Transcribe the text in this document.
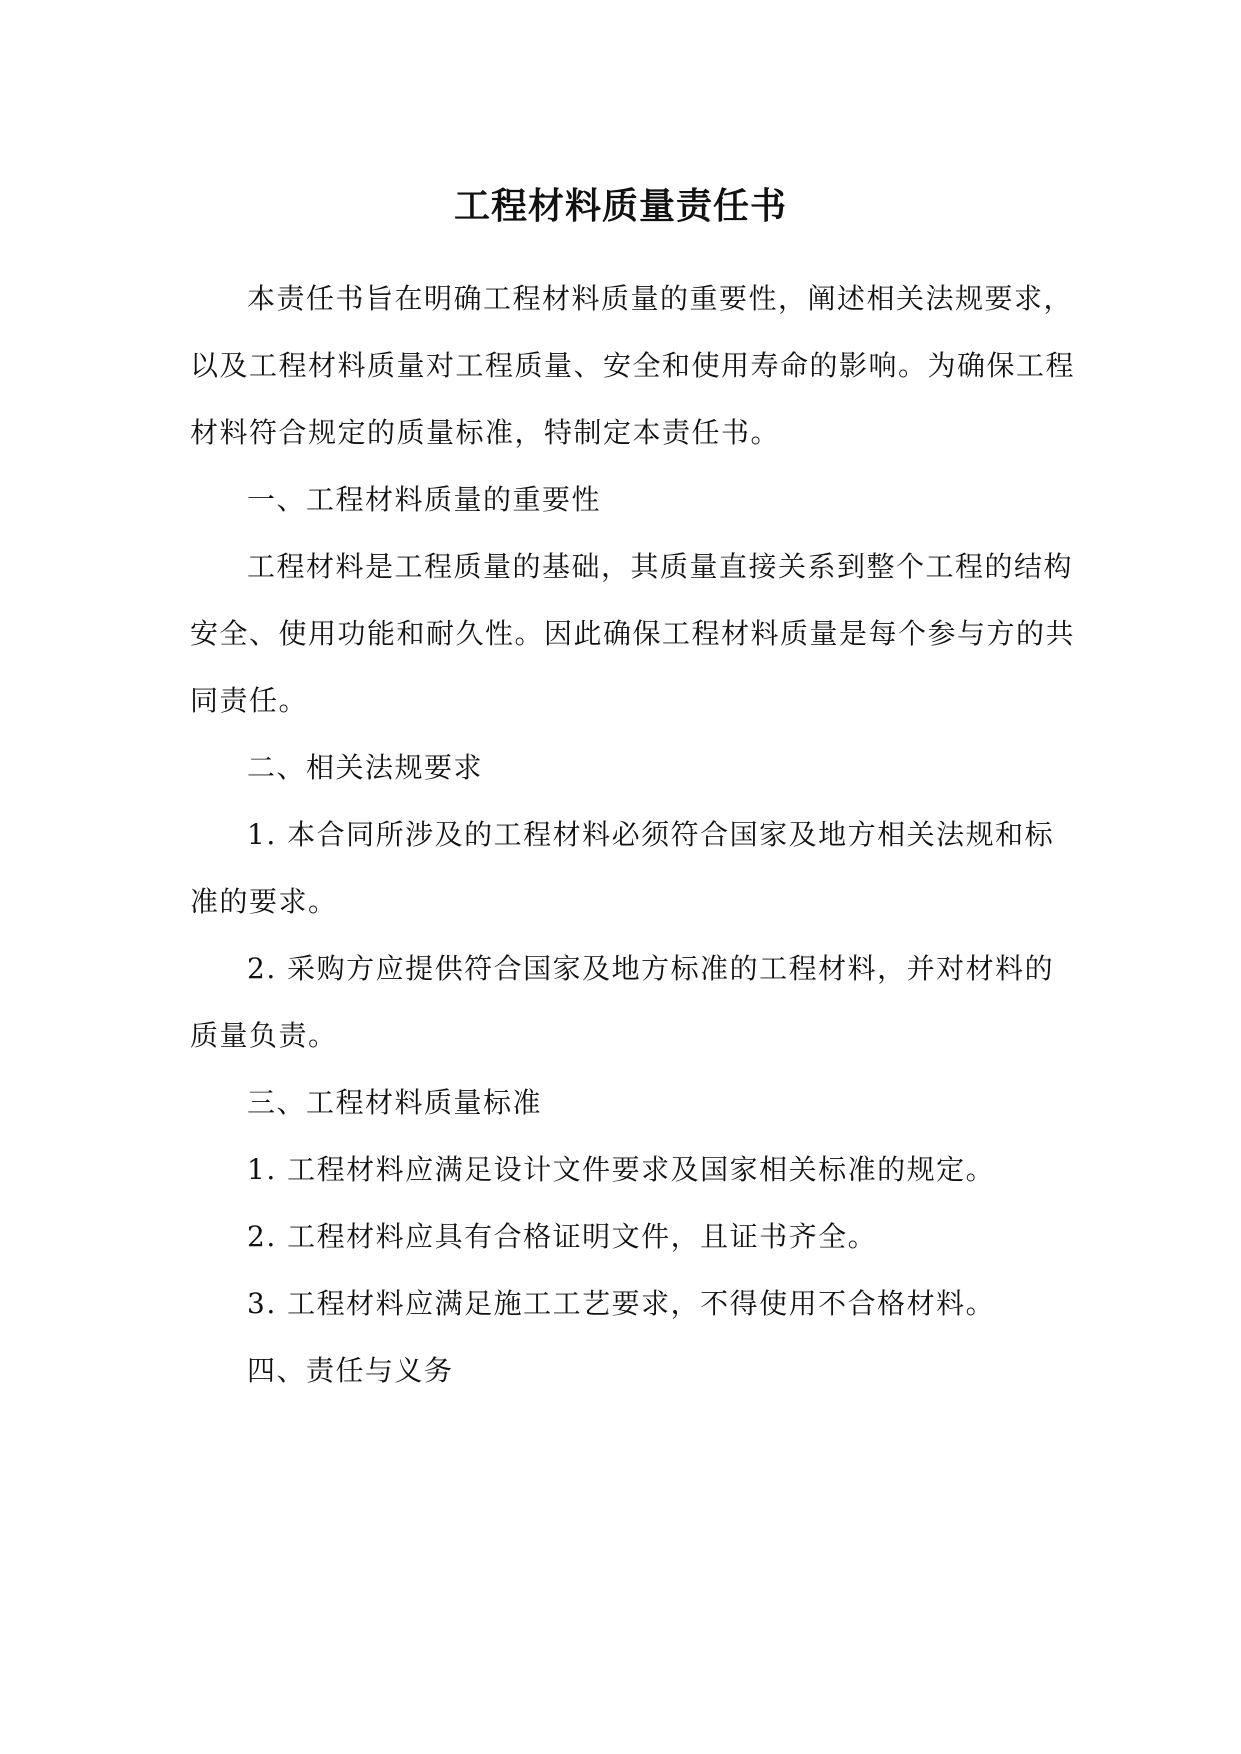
工程材料质量责任书
本责任书旨在明确工程材料质量的重要性，阐述相关法规要求，
以及工程材料质量对工程质量、安全和使用寿命的影响。为确保工程
材料符合规定的质量标准，特制定本责任书。
一、工程材料质量的重要性
工程材料是工程质量的基础，其质量直接关系到整个工程的结构
安全、使用功能和耐久性。因此确保工程材料质量是每个参与方的共
同责任。
二、相关法规要求
1. 本合同所涉及的工程材料必须符合国家及地方相关法规和标
准的要求。
2. 采购方应提供符合国家及地方标准的工程材料，并对材料的
质量负责。
三、工程材料质量标准
1. 工程材料应满足设计文件要求及国家相关标准的规定。
2. 工程材料应具有合格证明文件，且证书齐全。
3. 工程材料应满足施工工艺要求，不得使用不合格材料。
四、责任与义务
